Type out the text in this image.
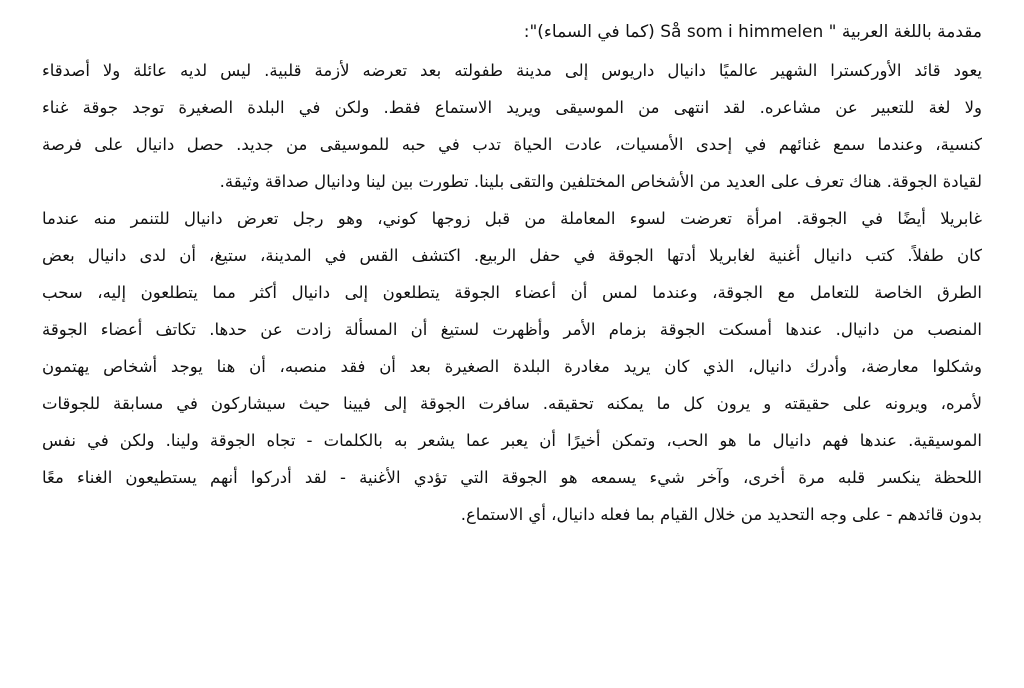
مقدمة باللغة العربية " Så som i himmelen (كما في السماء)":
يعود قائد الأوركسترا الشهير عالميًا دانيال داريوس إلى مدينة طفولته بعد تعرضه لأزمة قلبية. ليس لديه عائلة ولا أصدقاء
ولا لغة للتعبير عن مشاعره. لقد انتهى من الموسيقى ويريد الاستماع فقط. ولكن في البلدة الصغيرة توجد جوقة غناء
كنسية، وعندما سمع غنائهم في إحدى الأمسيات، عادت الحياة تدب في حبه للموسيقى من جديد. حصل دانيال على فرصة
لقيادة الجوقة. هناك تعرف على العديد من الأشخاص المختلفين والتقى بلينا. تطورت بين لينا ودانيال صداقة وثيقة.
غابريلا أيضًا في الجوقة. امرأة تعرضت لسوء المعاملة من قبل زوجها كوني، وهو رجل تعرض دانيال للتنمر منه عندما
كان طفلاً. كتب دانيال أغنية لغابريلا أدتها الجوقة في حفل الربيع. اكتشف القس في المدينة، ستيغ، أن لدى دانيال بعض
الطرق الخاصة للتعامل مع الجوقة، وعندما لمس أن أعضاء الجوقة يتطلعون إلى دانيال أكثر مما يتطلعون إليه، سحب
المنصب من دانيال. عندها أمسكت الجوقة بزمام الأمر وأظهرت لستيغ أن المسألة زادت عن حدها. تكاتف أعضاء الجوقة
وشكلوا معارضة، وأدرك دانيال، الذي كان يريد مغادرة البلدة الصغيرة بعد أن فقد منصبه، أن هنا يوجد أشخاص يهتمون
لأمره، ويرونه على حقيقته و يرون كل ما يمكنه تحقيقه. سافرت الجوقة إلى فيينا حيث سيشاركون في مسابقة للجوقات
الموسيقية. عندها فهم دانيال ما هو الحب، وتمكن أخيرًا أن يعبر عما يشعر به بالكلمات - تجاه الجوقة ولينا. ولكن في نفس
اللحظة ينكسر قلبه مرة أخرى، وآخر شيء يسمعه هو الجوقة التي تؤدي الأغنية - لقد أدركوا أنهم يستطيعون الغناء معًا
بدون قائدهم - على وجه التحديد من خلال القيام بما فعله دانيال، أي الاستماع.
